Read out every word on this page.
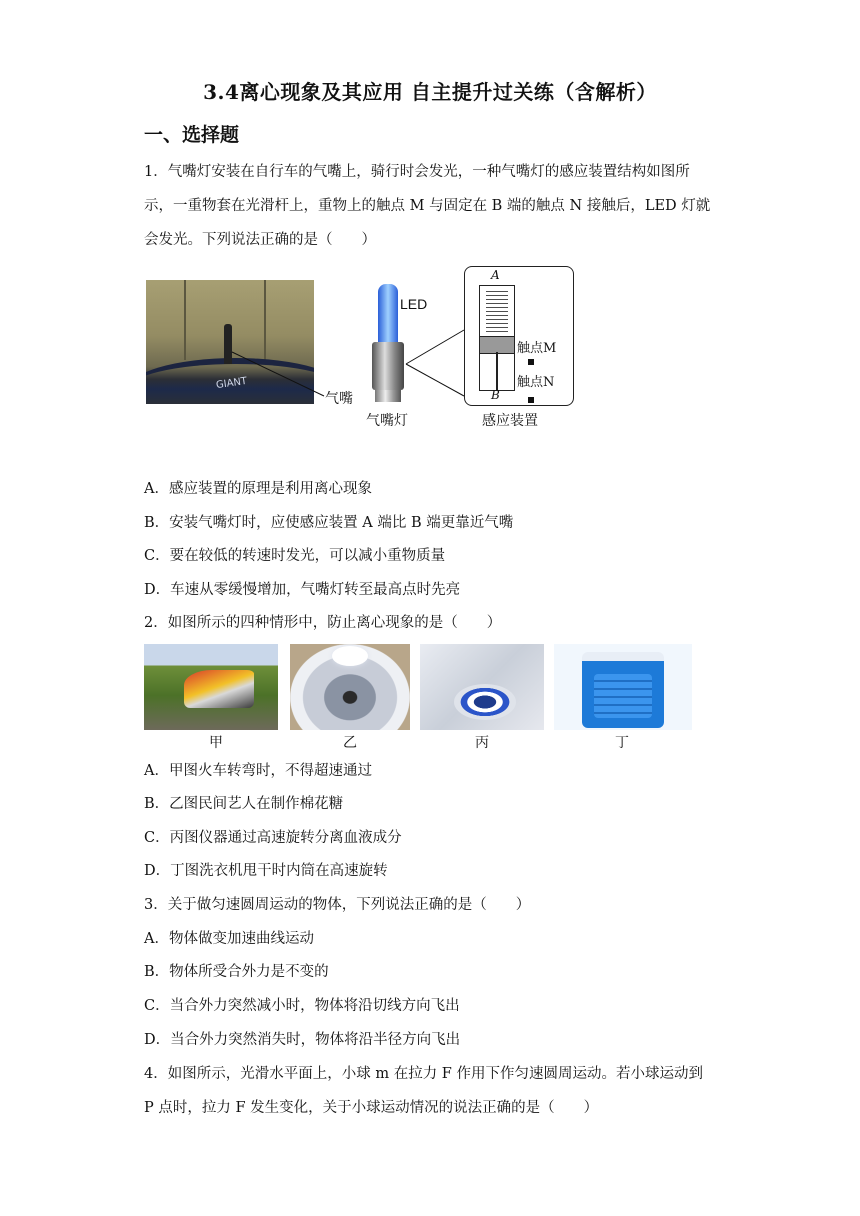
3.4离心现象及其应用 自主提升过关练（含解析）
一、选择题
1．气嘴灯安装在自行车的气嘴上，骑行时会发光，一种气嘴灯的感应装置结构如图所
示，一重物套在光滑杆上，重物上的触点 M 与固定在 B 端的触点 N 接触后，LED 灯就
会发光。下列说法正确的是（　　）
GIANT
气嘴
LED
气嘴灯
A
B
触点M
触点N
感应装置
A．感应装置的原理是利用离心现象
B．安装气嘴灯时，应使感应装置 A 端比 B 端更靠近气嘴
C．要在较低的转速时发光，可以减小重物质量
D．车速从零缓慢增加，气嘴灯转至最高点时先亮
2．如图所示的四种情形中，防止离心现象的是（　　）
甲	乙	丙	丁
A．甲图火车转弯时，不得超速通过
B．乙图民间艺人在制作棉花糖
C．丙图仪器通过高速旋转分离血液成分
D．丁图洗衣机甩干时内筒在高速旋转
3．关于做匀速圆周运动的物体，下列说法正确的是（　　）
A．物体做变加速曲线运动
B．物体所受合外力是不变的
C．当合外力突然减小时，物体将沿切线方向飞出
D．当合外力突然消失时，物体将沿半径方向飞出
4．如图所示，光滑水平面上，小球 m 在拉力 F 作用下作匀速圆周运动。若小球运动到
P 点时，拉力 F 发生变化，关于小球运动情况的说法正确的是（　　）
